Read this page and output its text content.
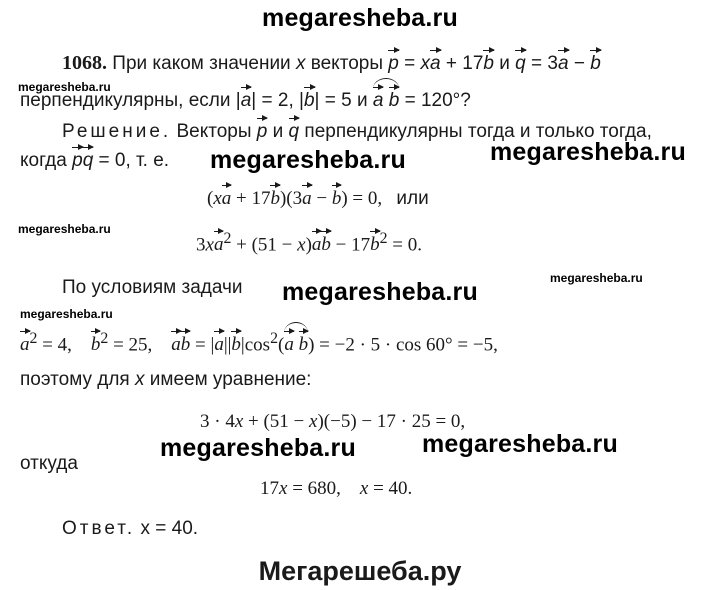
megaresheba.ru
1068. При каком значении x векторы p = xa + 17b и q = 3a − b
megaresheba.ru
перпендикулярны, если |a| = 2, |b| = 5 и a b = 120°?
Решение. Векторы p и q перпендикулярны тогда и только тогда,
когда pq = 0, т. е. megaresheba.ru	megaresheba.ru
(xa + 17b)(3a − b) = 0,   или
megaresheba.ru
$3xa^2 + (51 - x)ab - 17b^2 = 0$.
По условиям задачи megaresheba.ru	megaresheba.ru
megaresheba.ru
$a^2 = 4$,    $b^2 = 25$,    ab = $|a||b|\cos^2(a$ b) = −2 · 5 · cos 60° = −5,
поэтому для x имеем уравнение:
3 · 4x + (51 − x)(−5) − 17 · 25 = 0,
megaresheba.ru	megaresheba.ru
откуда
17x = 680,    x = 40.
Ответ. x = 40.
Мегарешеба.ру
